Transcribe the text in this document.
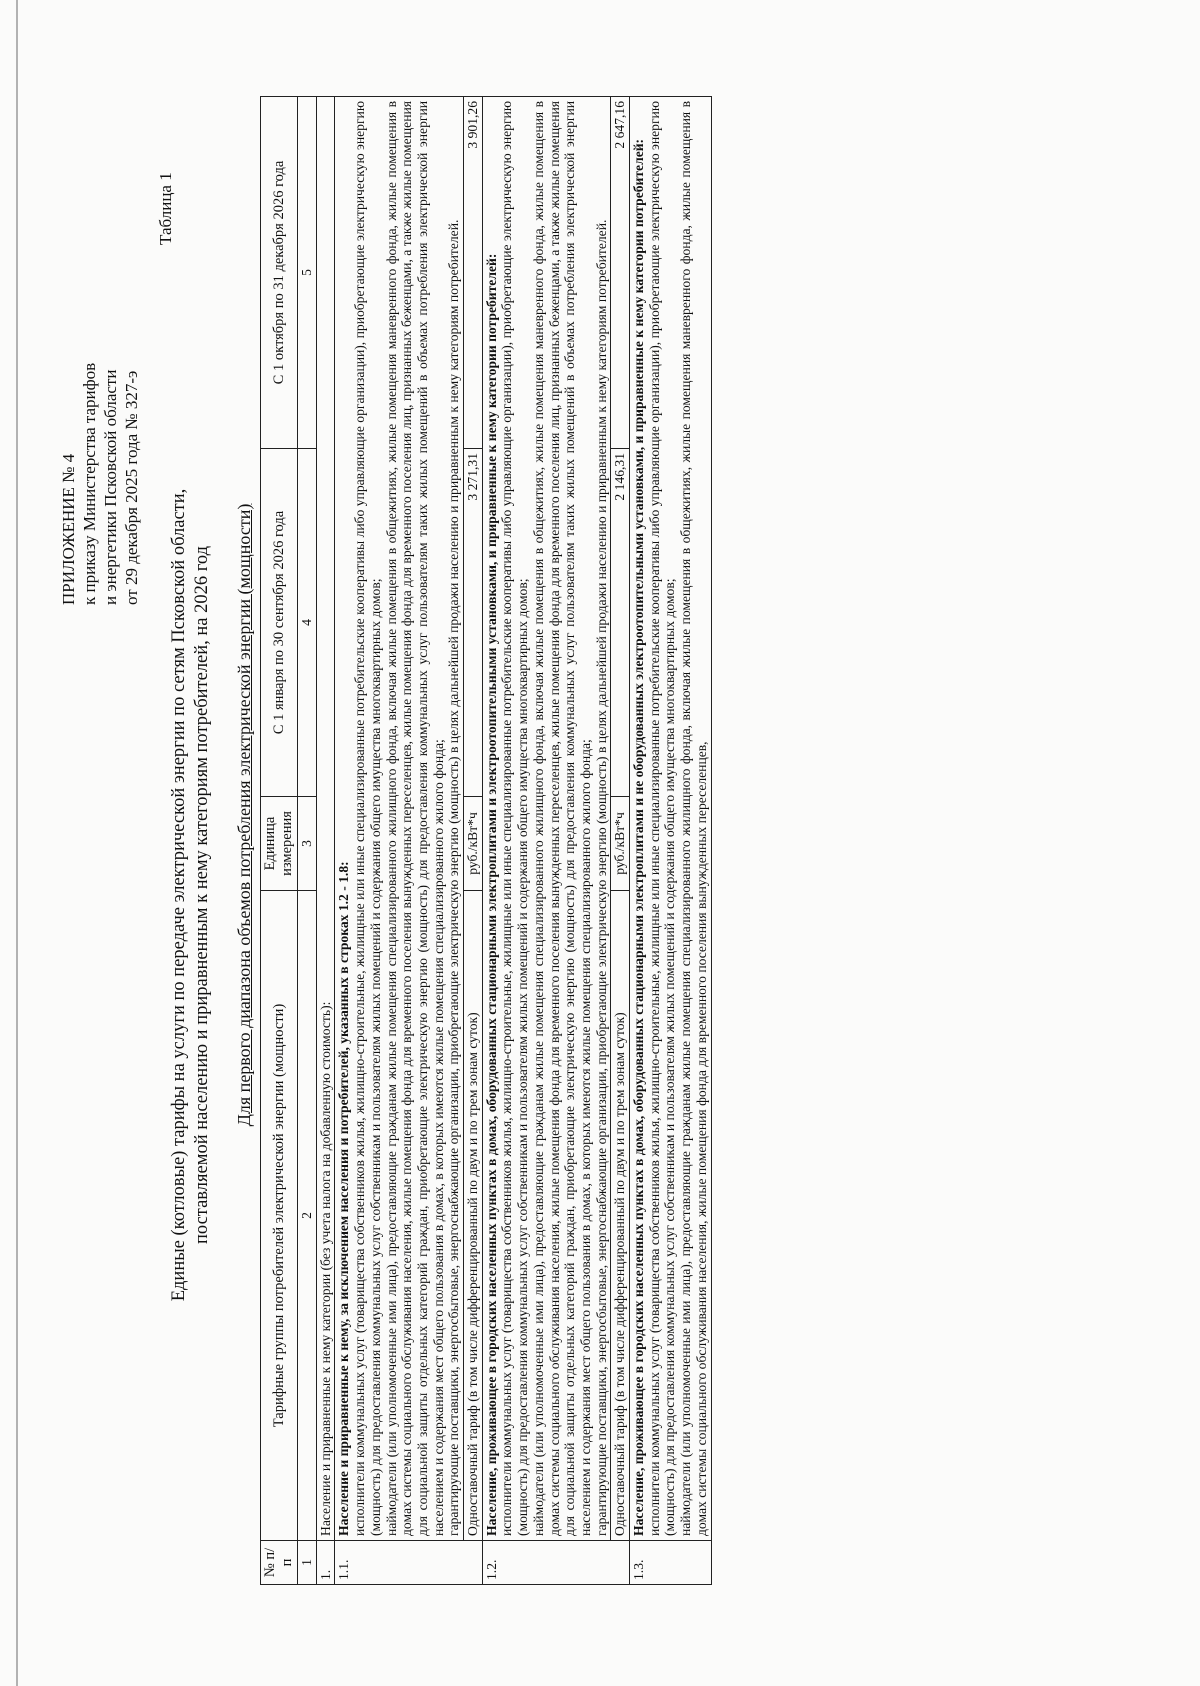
ПРИЛОЖЕНИЕ № 4 к приказу Министерства тарифов и энергетики Псковской области от 29 декабря 2025 года № 327-э
Таблица 1
Единые (котловые) тарифы на услуги по передаче электрической энергии по сетям Псковской области, поставляемой населению и приравненным к нему категориям потребителей, на 2026 год Для первого диапазона объемов потребления электрической энергии (мощности)
№ п/п	Тарифные группы потребителей электрической энергии (мощности)	Единица измерения	С 1 января по 30 сентября 2026 года	С 1 октября по 31 декабря 2026 года
1	2	3	4	5
1.	Население и приравненные к нему категории (без учета налога на добавленную стоимость):			
1.1.	Население и приравненные к нему, за исключением населения и потребителей, указанных в строках 1.2 - 1.8: исполнители коммунальных услуг (товарищества собственников жилья, жилищно-строительные, жилищные или иные специализированные потребительские кооперативы либо управляющие организации), приобретающие электрическую энергию (мощность) для предоставления коммунальных услуг собственникам и пользователям жилых помещений и содержания общего имущества многоквартирных домов; наймодатели (или уполномоченные ими лица), предоставляющие гражданам жилые помещения специализированного жилищного фонда, включая жилые помещения в общежитиях, жилые помещения маневренного фонда, жилые помещения в домах системы социального обслуживания населения, жилые помещения фонда для временного поселения вынужденных переселенцев, жилые помещения фонда для временного поселения лиц, признанных беженцами, а также жилые помещения для социальной защиты отдельных категорий граждан, приобретающие электрическую энергию (мощность) для предоставления коммунальных услуг пользователям таких жилых помещений в объемах потребления электрической энергии населением и содержания мест общего пользования в домах, в которых имеются жилые помещения специализированного жилого фонда; гарантирующие поставщики, энергосбытовые, энергоснабжающие организации, приобретающие электрическую энергию (мощность) в целях дальнейшей продажи населению и приравненным к нему категориям потребителей.			

	Одноставочный тариф (в том числе дифференцированный по двум и по трем зонам суток)	руб./кВт*ч	3 271,31	3 901,26
1.2.	Население, проживающее в городских населенных пунктах в домах, оборудованных стационарными электроплитами и электроотопительными установками, и приравненные к нему категории потребителей: исполнители коммунальных услуг (товарищества собственников жилья, жилищно-строительные, жилищные или иные специализированные потребительские кооперативы либо управляющие организации), приобретающие электрическую энергию (мощность) для предоставления коммунальных услуг собственникам и пользователям жилых помещений и содержания общего имущества многоквартирных домов; наймодатели (или уполномоченные ими лица), предоставляющие гражданам жилые помещения специализированного жилищного фонда, включая жилые помещения в общежитиях, жилые помещения маневренного фонда, жилые помещения в домах системы социального обслуживания населения, жилые помещения фонда для временного поселения вынужденных переселенцев, жилые помещения фонда для временного поселения лиц, признанных беженцами, а также жилые помещения для социальной защиты отдельных категорий граждан, приобретающие электрическую энергию (мощность) для предоставления коммунальных услуг пользователям таких жилых помещений в объемах потребления электрической энергии населением и содержания мест общего пользования в домах, в которых имеются жилые помещения специализированного жилого фонда; гарантирующие поставщики, энергосбытовые, энергоснабжающие организации, приобретающие электрическую энергию (мощность) в целях дальнейшей продажи населению и приравненным к нему категориям потребителей.			

	Одноставочный тариф (в том числе дифференцированный по двум и по трем зонам суток)	руб./кВт*ч	2 146,31	2 647,16
1.3.	Население, проживающее в городских населенных пунктах в домах, оборудованных стационарными электроплитами и не оборудованных электроотопительными установками, и приравненные к нему категории потребителей: исполнители коммунальных услуг (товарищества собственников жилья, жилищно-строительные, жилищные или иные специализированные потребительские кооперативы либо управляющие организации), приобретающие электрическую энергию (мощность) для предоставления коммунальных услуг собственникам и пользователям жилых помещений и содержания общего имущества многоквартирных домов; наймодатели (или уполномоченные ими лица), предоставляющие гражданам жилые помещения специализированного жилищного фонда, включая жилые помещения в общежитиях, жилые помещения маневренного фонда, жилые помещения в домах системы социального обслуживания населения, жилые помещения фонда для временного поселения вынужденных переселенцев,			
